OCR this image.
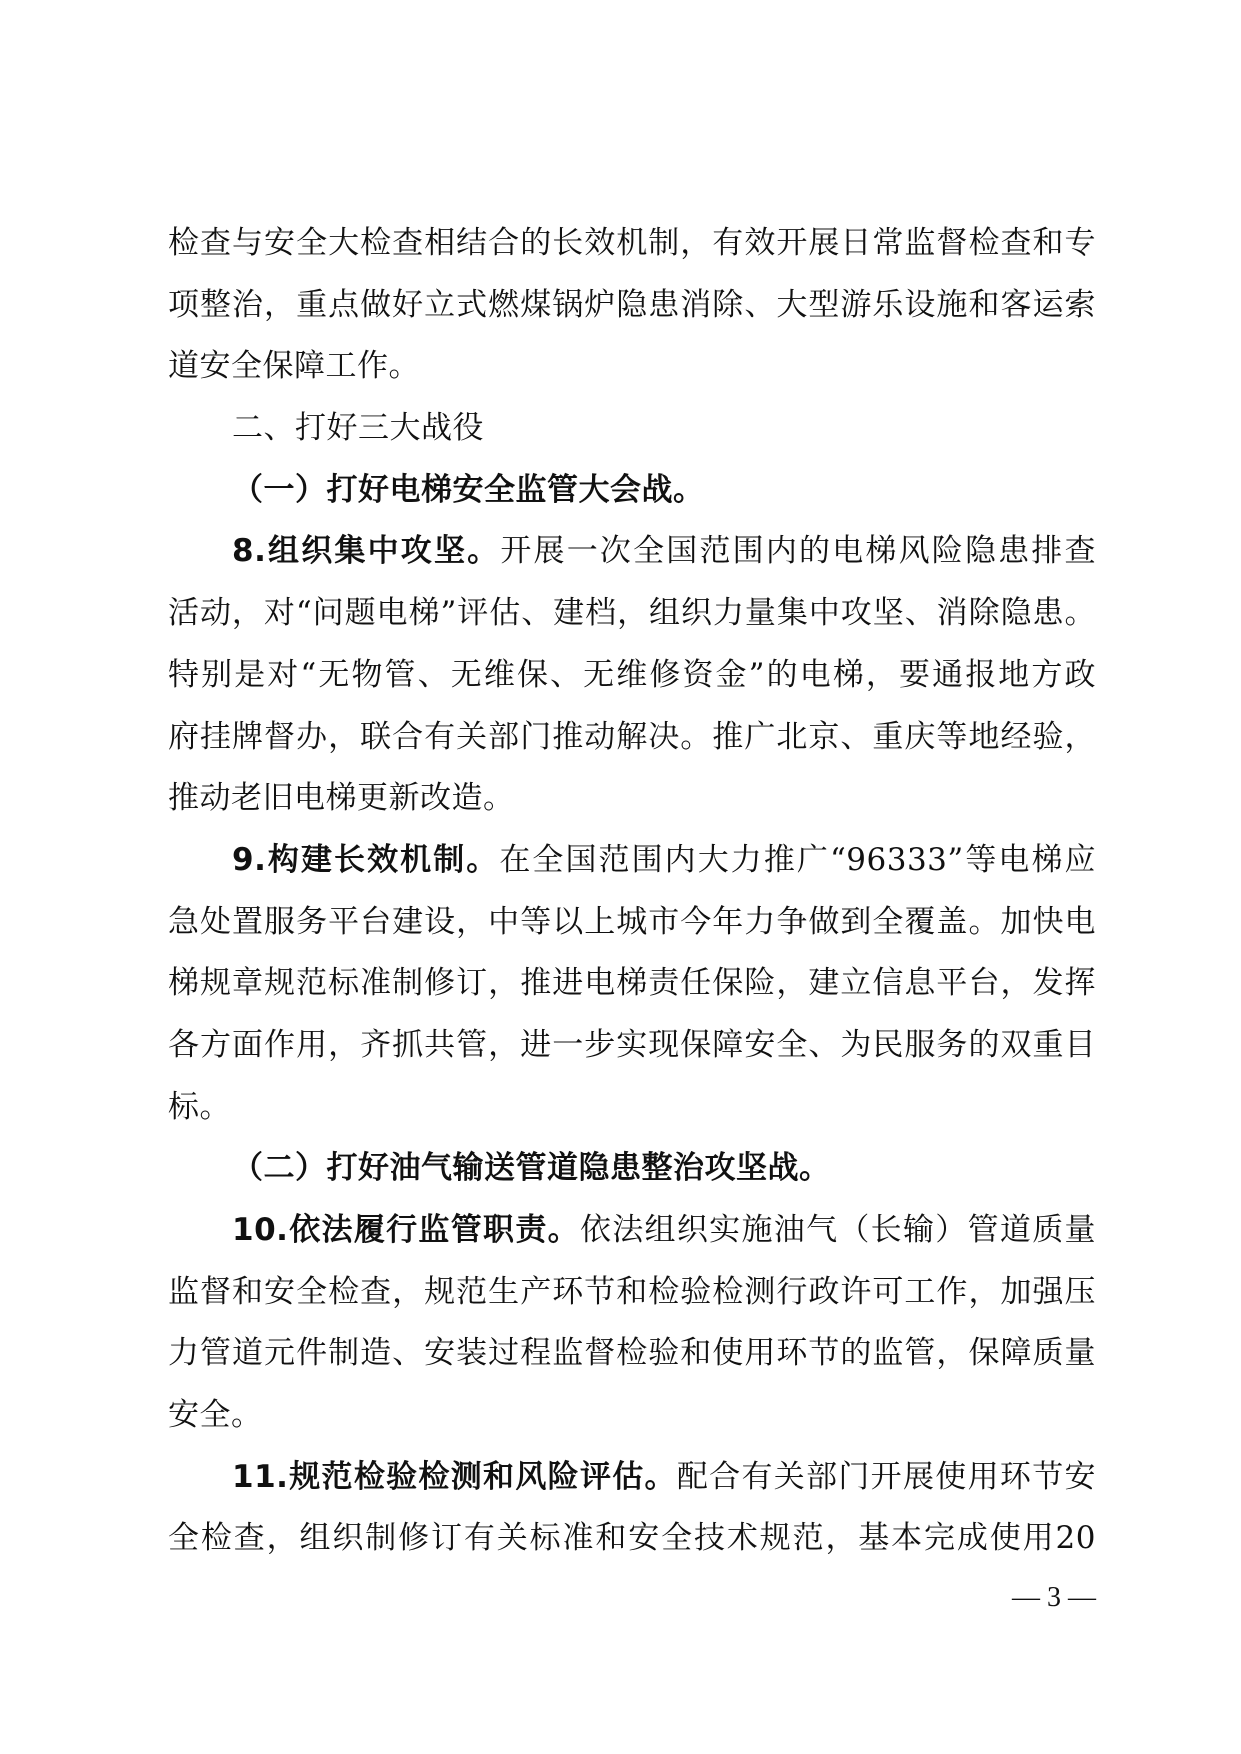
检查与安全大检查相结合的长效机制，有效开展日常监督检查和专
项整治，重点做好立式燃煤锅炉隐患消除、大型游乐设施和客运索
道安全保障工作。
二、打好三大战役
（一）打好电梯安全监管大会战。
8.组织集中攻坚。开展一次全国范围内的电梯风险隐患排查
活动，对“问题电梯”评估、建档，组织力量集中攻坚、消除隐患。
特别是对“无物管、无维保、无维修资金”的电梯，要通报地方政
府挂牌督办，联合有关部门推动解决。推广北京、重庆等地经验，
推动老旧电梯更新改造。
9.构建长效机制。在全国范围内大力推广“96333”等电梯应
急处置服务平台建设，中等以上城市今年力争做到全覆盖。加快电
梯规章规范标准制修订，推进电梯责任保险，建立信息平台，发挥
各方面作用，齐抓共管，进一步实现保障安全、为民服务的双重目
标。
（二）打好油气输送管道隐患整治攻坚战。
10.依法履行监管职责。依法组织实施油气（长输）管道质量
监督和安全检查，规范生产环节和检验检测行政许可工作，加强压
力管道元件制造、安装过程监督检验和使用环节的监管，保障质量
安全。
11.规范检验检测和风险评估。配合有关部门开展使用环节安
全检查，组织制修订有关标准和安全技术规范，基本完成使用20
— 3 —
